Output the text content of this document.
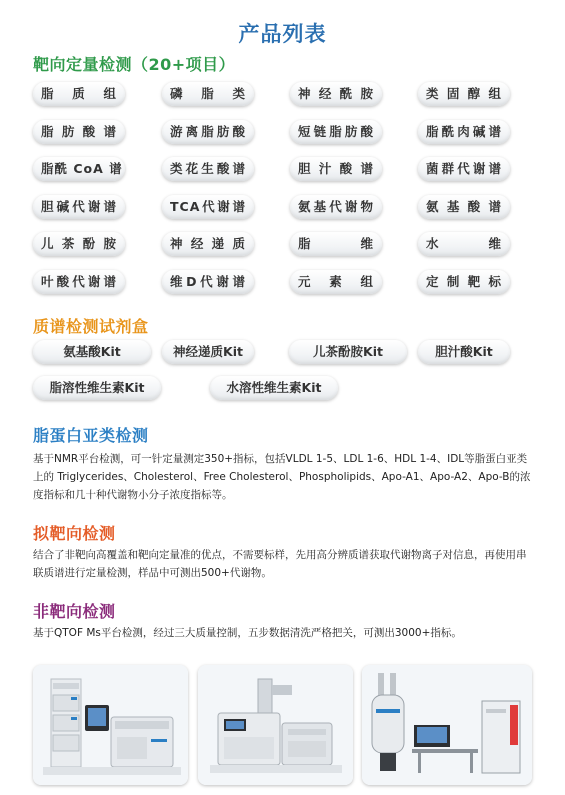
产品列表
靶向定量检测（20+项目）
脂质组	磷脂类	神经酰胺	类固醇组
脂肪酸谱	游离脂肪酸	短链脂肪酸	脂酰肉碱谱
脂酰 CoA 谱	类花生酸谱	胆汁酸谱	菌群代谢谱
胆碱代谢谱	TCA代谢谱	氨基代谢物	氨基酸谱
儿茶酚胺	神经递质	脂维	水维
叶酸代谢谱	维D代谢谱	元素组	定制靶标
质谱检测试剂盒
氨基酸Kit	神经递质Kit	儿茶酚胺Kit	胆汁酸Kit
脂溶性维生素Kit	水溶性维生素Kit
脂蛋白亚类检测
基于NMR平台检测，可一针定量测定350+指标，包括VLDL 1-5、LDL 1-6、HDL 1-4、IDL等脂蛋白亚类上的 Triglycerides、Cholesterol、Free Cholesterol、Phospholipids、Apo-A1、Apo-A2、Apo-B的浓度指标和几十种代谢物小分子浓度指标等。
拟靶向检测
结合了非靶向高覆盖和靶向定量准的优点，不需要标样，先用高分辨质谱获取代谢物离子对信息，再使用串联质谱进行定量检测，样品中可测出500+代谢物。
非靶向检测
基于QTOF Ms平台检测，经过三大质量控制，五步数据清洗严格把关，可测出3000+指标。
